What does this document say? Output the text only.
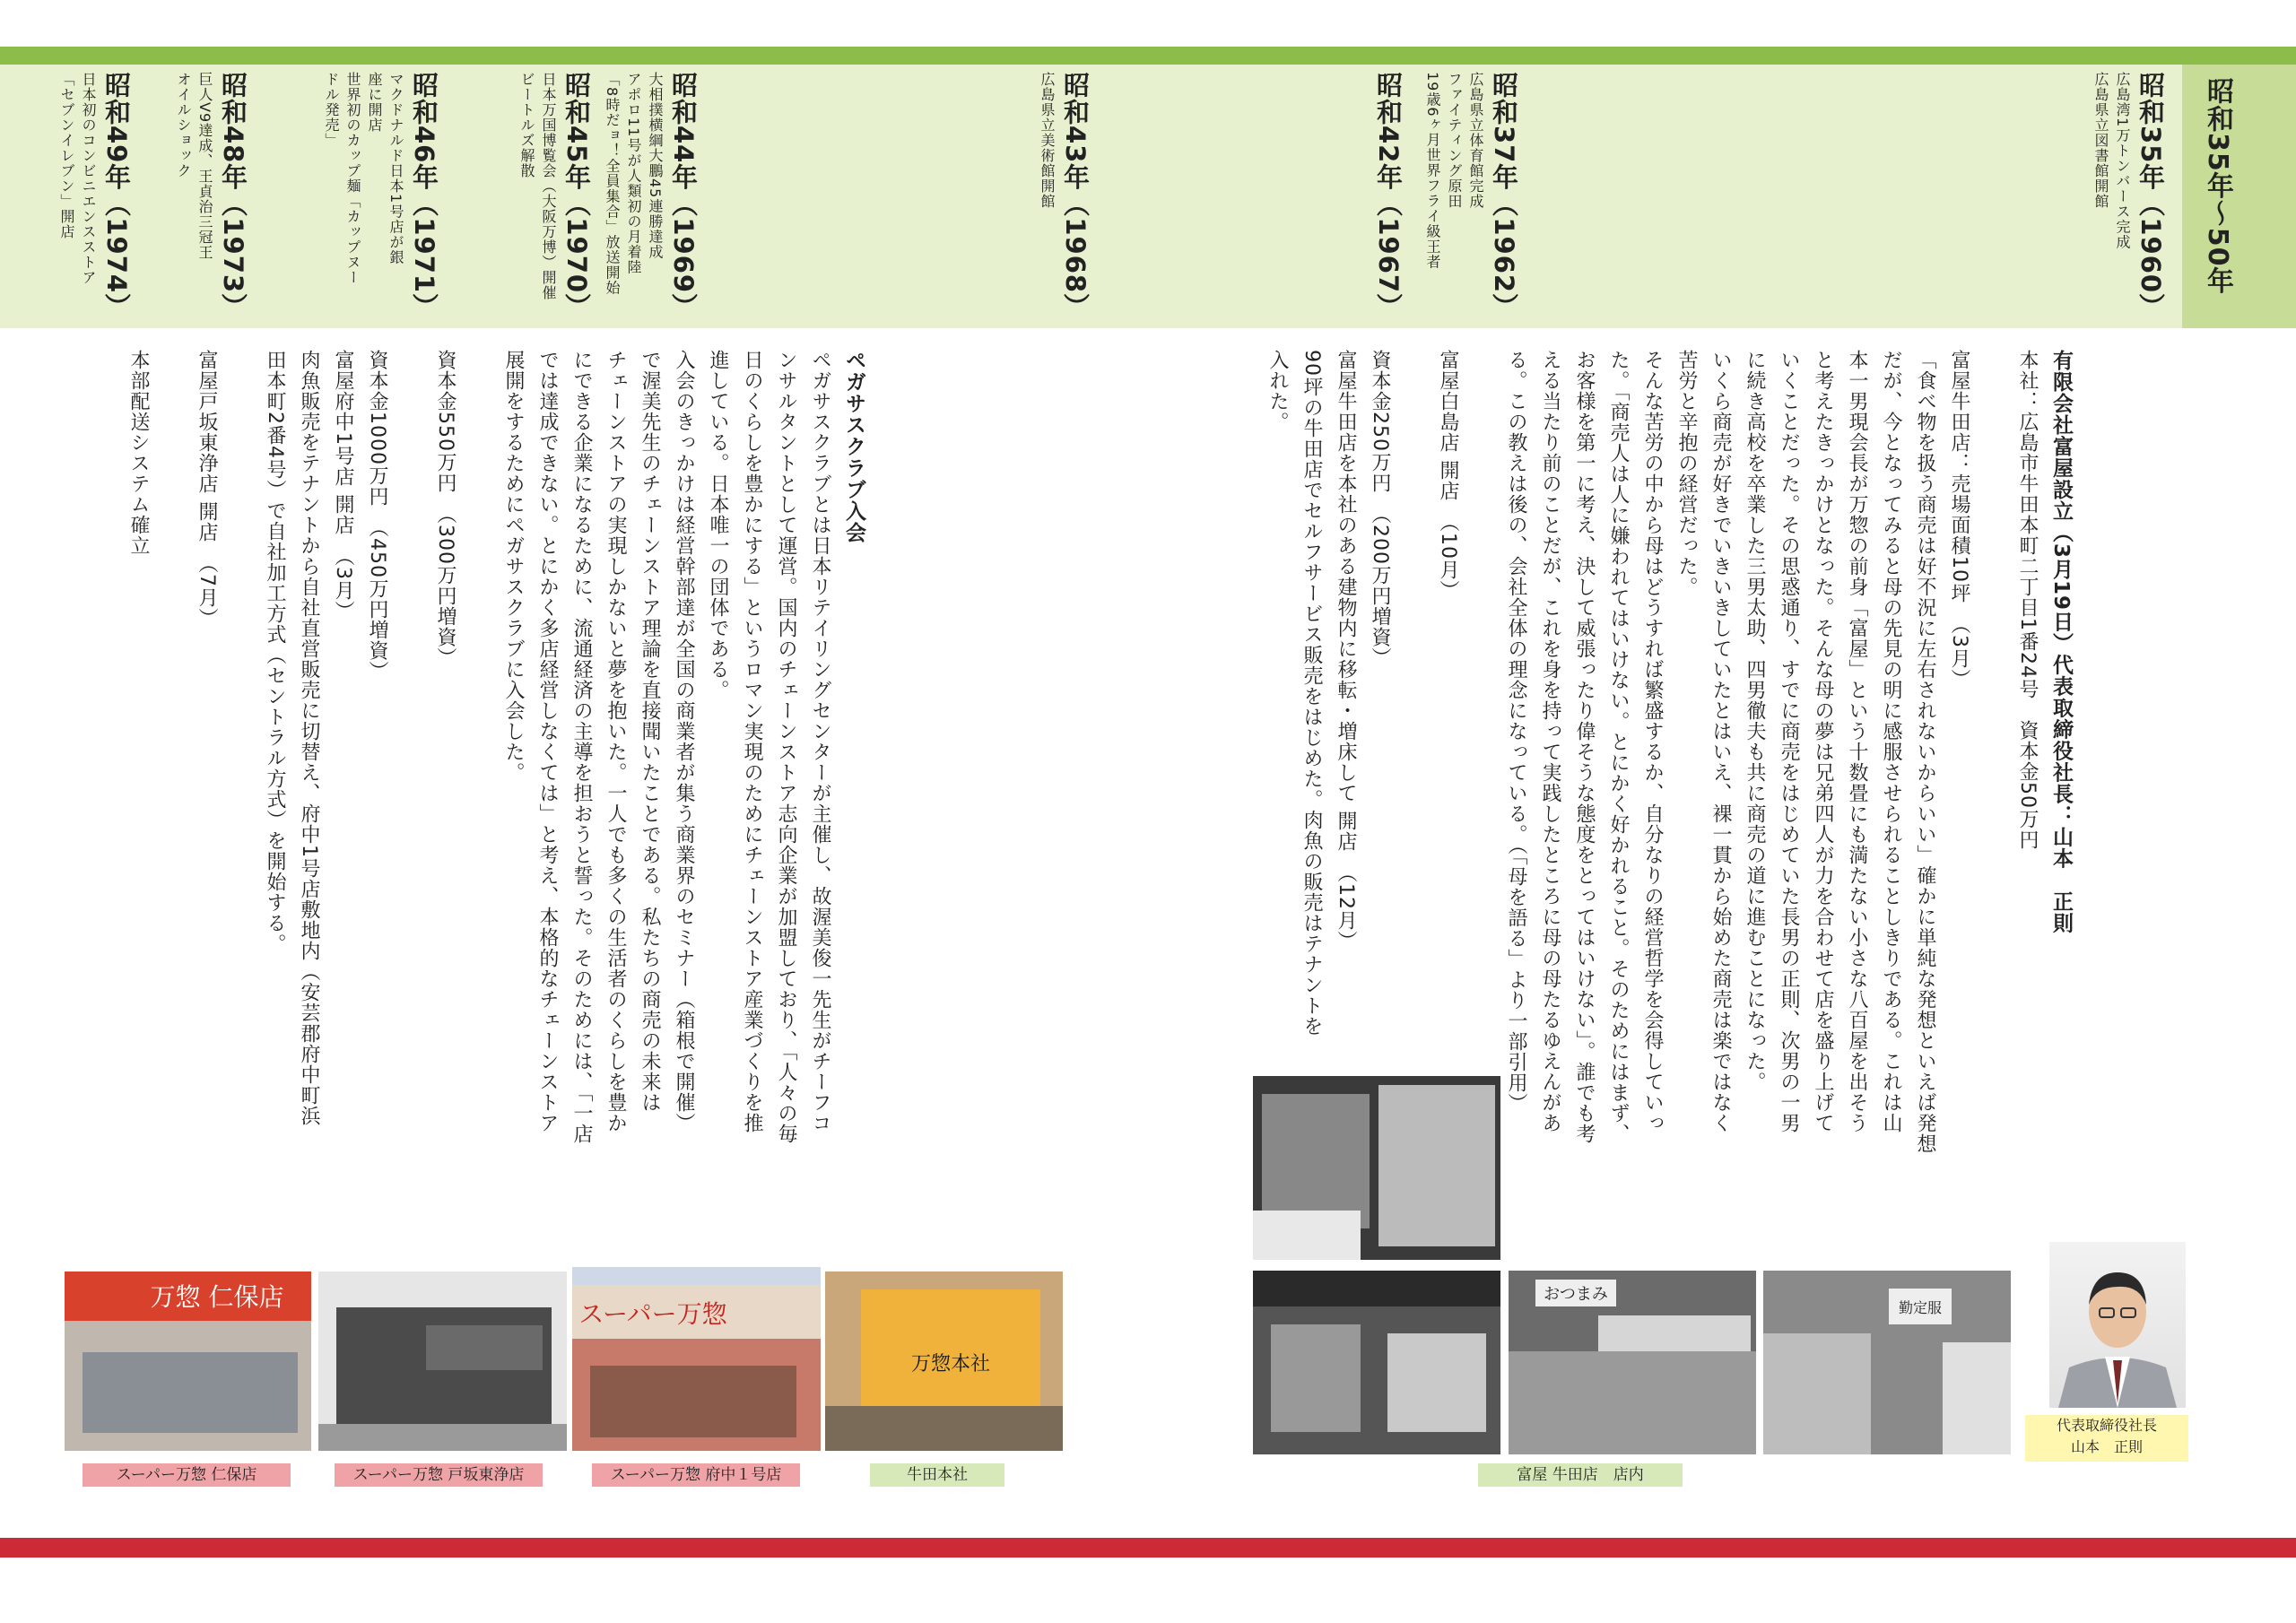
昭和35年〜50年

昭和35年（1960）

広島湾1万トンバース完成

広島県立図書館開館

昭和37年（1962）

広島県立体育館完成

ファイティング原田

19歳6ヶ月世界フライ級王者

昭和42年（1967）

昭和43年（1968）

広島県立美術館開館

昭和44年（1969）

大相撲横綱大鵬45連勝達成

アポロ11号が人類初の月着陸

「8時だョ！全員集合」放送開始

昭和45年（1970）

日本万国博覧会（大阪万博）開催

ビートルズ解散

昭和46年（1971）

マクドナルド日本1号店が銀

座に開店

世界初のカップ麺「カップヌー

ドル発売」

昭和48年（1973）

巨人V9達成、王貞治三冠王

オイルショック

昭和49年（1974）

日本初のコンビニエンスストア

「セブンイレブン」開店

有限会社富屋設立（3月19日）代表取締役社長：山本　正則

本社：広島市牛田本町二丁目1番24号　資本金50万円

富屋牛田店：売場面積10坪　（3月）

「食べ物を扱う商売は好不況に左右されないからいい」確かに単純な発想といえば発想

だが、今となってみると母の先見の明に感服させられることしきりである。これは山

本一男現会長が万惣の前身「富屋」という十数畳にも満たない小さな八百屋を出そう

と考えたきっかけとなった。そんな母の夢は兄弟四人が力を合わせて店を盛り上げて

いくことだった。その思惑通り、すでに商売をはじめていた長男の正則、次男の一男

に続き高校を卒業した三男太助、四男徹夫も共に商売の道に進むことになった。

いくら商売が好きでいきいきしていたとはいえ、裸一貫から始めた商売は楽ではなく

苦労と辛抱の経営だった。

そんな苦労の中から母はどうすれば繁盛するか、自分なりの経営哲学を会得していっ

た。「商売人は人に嫌われてはいけない。とにかく好かれること。そのためにはまず、

お客様を第一に考え、決して威張ったり偉そうな態度をとってはいけない」。誰でも考

える当たり前のことだが、これを身を持って実践したところに母の母たるゆえんがあ

る。この教えは後の、会社全体の理念になっている。（「母を語る」より一部引用）

富屋白島店 開店　（10月）

資本金250万円　（200万円増資）

富屋牛田店を本社のある建物内に移転・増床して 開店　（12月）

90坪の牛田店でセルフサービス販売をはじめた。肉魚の販売はテナントを

入れた。

ペガサスクラブ入会

ペガサスクラブとは日本リテイリングセンターが主催し、故渥美俊一先生がチーフコ

ンサルタントとして運営。国内のチェーンストア志向企業が加盟しており、「人々の毎

日のくらしを豊かにする」というロマン実現のためにチェーンストア産業づくりを推

進している。日本唯一の団体である。

入会のきっかけは経営幹部達が全国の商業者が集う商業界のセミナー（箱根で開催）

で渥美先生のチェーンストア理論を直接聞いたことである。私たちの商売の未来は

チェーンストアの実現しかないと夢を抱いた。一人でも多くの生活者のくらしを豊か

にできる企業になるために、流通経済の主導を担おうと誓った。そのためには、「一店

では達成できない。とにかく多店経営しなくては」と考え、本格的なチェーンストア

展開をするためにペガサスクラブに入会した。

資本金550万円　（300万円増資）

資本金1000万円　（450万円増資）

富屋府中1号店 開店　（3月）

肉魚販売をテナントから自社直営販売に切替え、府中1号店敷地内（安芸郡府中町浜

田本町2番4号）で自社加工方式（セントラル方式）を開始する。

富屋戸坂東浄店 開店　（7月）

本部配送システム確立

代表取締役社長
山本　正則
おつまみ
勤定服
富屋 牛田店　店内
万惣 仁保店
スーパー万惣 仁保店	スーパー万惣 戸坂東浄店
スーパー万惣
スーパー万惣 府中１号店
万惣本社
牛田本社
